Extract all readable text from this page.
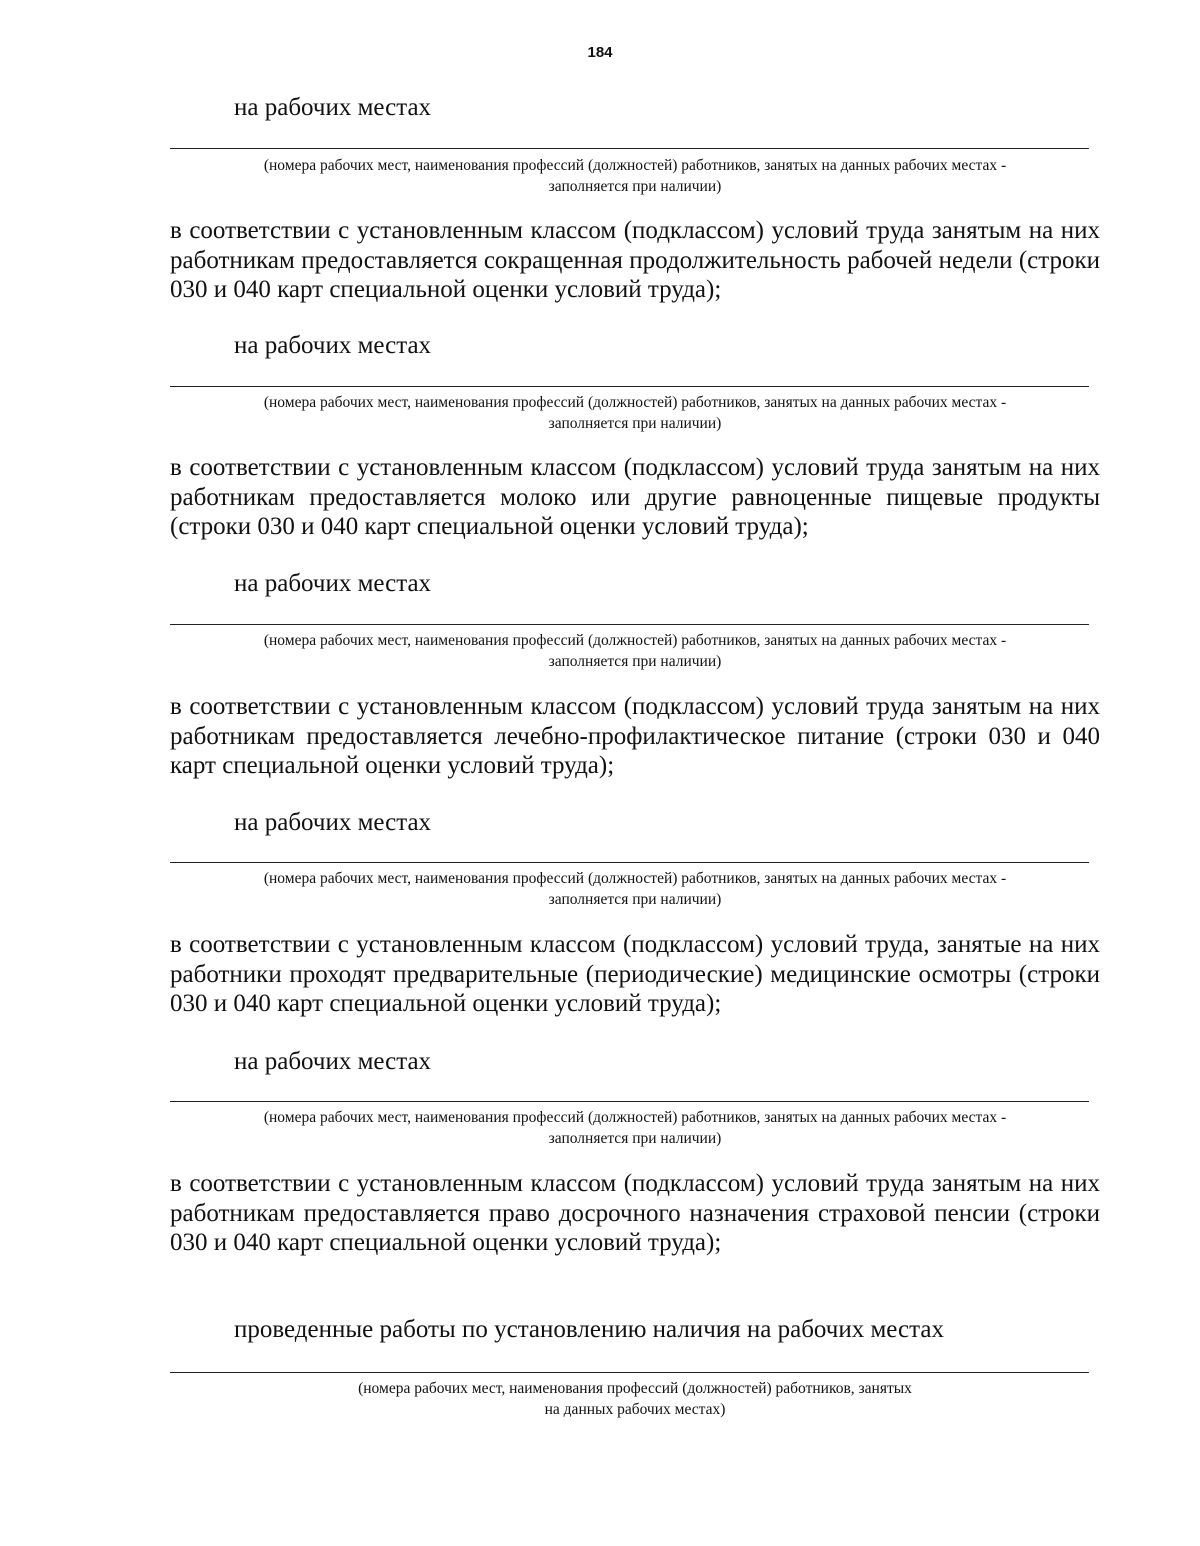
184
на рабочих местах
(номера рабочих мест, наименования профессий (должностей) работников, занятых на данных рабочих местах -
заполняется при наличии)
в соответствии с установленным классом (подклассом) условий труда занятым на них работникам предоставляется сокращенная продолжительность рабочей недели (строки 030 и 040 карт специальной оценки условий труда);
на рабочих местах
(номера рабочих мест, наименования профессий (должностей) работников, занятых на данных рабочих местах -
заполняется при наличии)
в соответствии с установленным классом (подклассом) условий труда занятым на них работникам предоставляется молоко или другие равноценные пищевые продукты (строки 030 и 040 карт специальной оценки условий труда);
на рабочих местах
(номера рабочих мест, наименования профессий (должностей) работников, занятых на данных рабочих местах -
заполняется при наличии)
в соответствии с установленным классом (подклассом) условий труда занятым на них работникам предоставляется лечебно-профилактическое питание (строки 030 и 040 карт специальной оценки условий труда);
на рабочих местах
(номера рабочих мест, наименования профессий (должностей) работников, занятых на данных рабочих местах -
заполняется при наличии)
в соответствии с установленным классом (подклассом) условий труда, занятые на них работники проходят предварительные (периодические) медицинские осмотры (строки 030 и 040 карт специальной оценки условий труда);
на рабочих местах
(номера рабочих мест, наименования профессий (должностей) работников, занятых на данных рабочих местах -
заполняется при наличии)
в соответствии с установленным классом (подклассом) условий труда занятым на них работникам предоставляется право досрочного назначения страховой пенсии (строки 030 и 040 карт специальной оценки условий труда);
проведенные работы по установлению наличия на рабочих местах
(номера рабочих мест, наименования профессий (должностей) работников, занятых
на данных рабочих местах)
